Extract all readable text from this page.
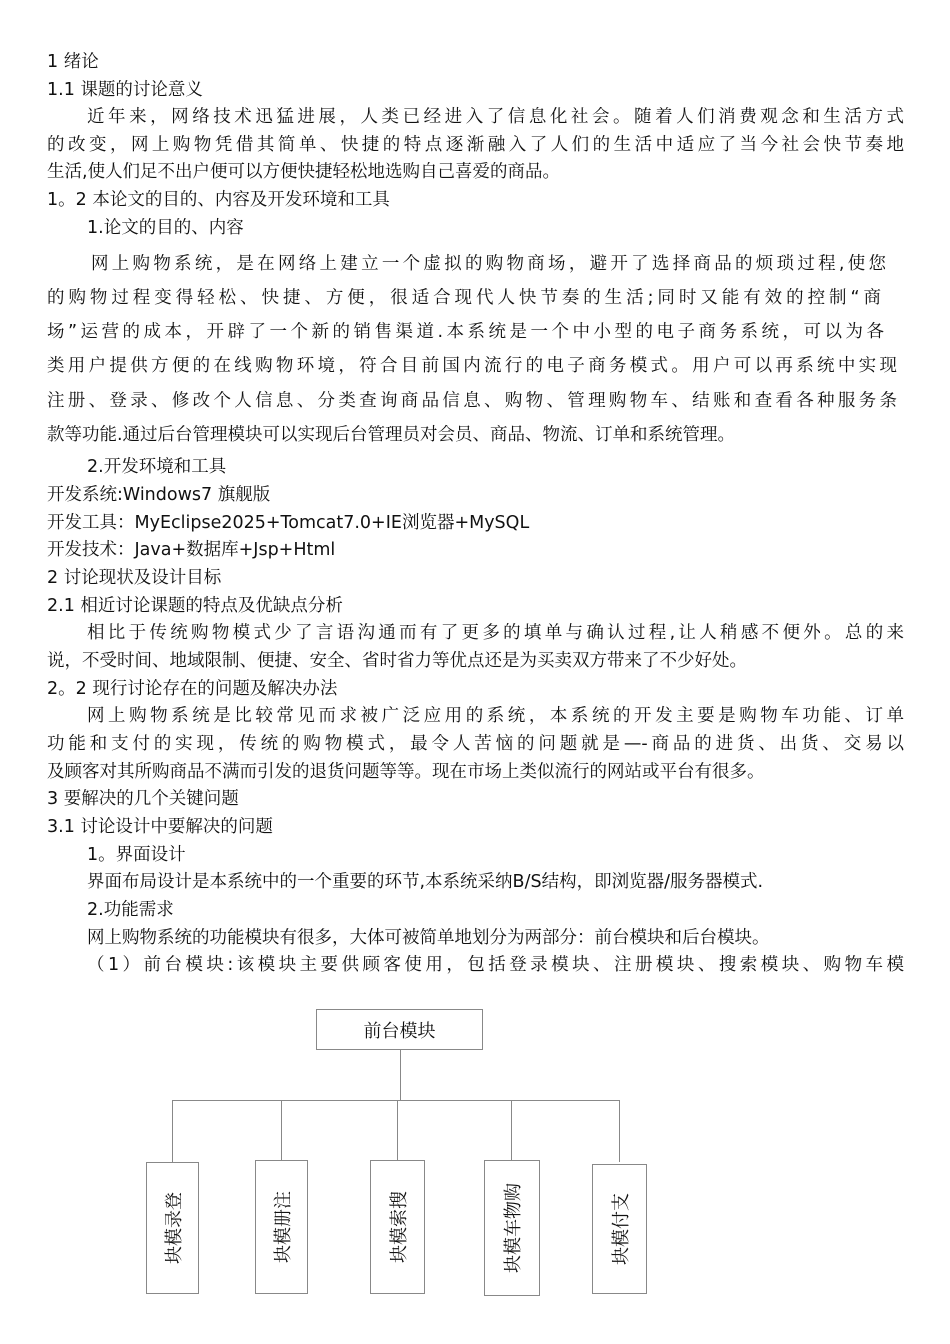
1 绪论
1.1 课题的讨论意义
近年来，网络技术迅猛进展，人类已经进入了信息化社会。随着人们消费观念和生活方式
的改变，网上购物凭借其简单、快捷的特点逐渐融入了人们的生活中适应了当今社会快节奏地
生活,使人们足不出户便可以方便快捷轻松地选购自己喜爱的商品。
1。2 本论文的目的、内容及开发环境和工具
1.论文的目的、内容
网上购物系统，是在网络上建立一个虚拟的购物商场，避开了选择商品的烦琐过程,使您
的购物过程变得轻松、快捷、方便，很适合现代人快节奏的生活;同时又能有效的控制“商
场”运营的成本，开辟了一个新的销售渠道.本系统是一个中小型的电子商务系统，可以为各
类用户提供方便的在线购物环境，符合目前国内流行的电子商务模式。用户可以再系统中实现
注册、登录、修改个人信息、分类查询商品信息、购物、管理购物车、结账和查看各种服务条
款等功能.通过后台管理模块可以实现后台管理员对会员、商品、物流、订单和系统管理。
2.开发环境和工具
开发系统:Windows7 旗舰版
开发工具：MyEclipse2025+Tomcat7.0+IE浏览器+MySQL
开发技术：Java+数据库+Jsp+Html
2 讨论现状及设计目标
2.1 相近讨论课题的特点及优缺点分析
相比于传统购物模式少了言语沟通而有了更多的填单与确认过程,让人稍感不便外。总的来
说，不受时间、地域限制、便捷、安全、省时省力等优点还是为买卖双方带来了不少好处。
2。2 现行讨论存在的问题及解决办法
网上购物系统是比较常见而求被广泛应用的系统，本系统的开发主要是购物车功能、订单
功能和支付的实现，传统的购物模式，最令人苦恼的问题就是—-商品的进货、出货、交易以
及顾客对其所购商品不满而引发的退货问题等等。现在市场上类似流行的网站或平台有很多。
3 要解决的几个关键问题
3.1 讨论设计中要解决的问题
1。界面设计
界面布局设计是本系统中的一个重要的环节,本系统采纳B/S结构，即浏览器/服务器模式.
2.功能需求
网上购物系统的功能模块有很多，大体可被简单地划分为两部分：前台模块和后台模块。
（1）前台模块:该模块主要供顾客使用，包括登录模块、注册模块、搜索模块、购物车模
前台模块
块模录登	块模册注	块模索搜	块模车物购	块模付支
